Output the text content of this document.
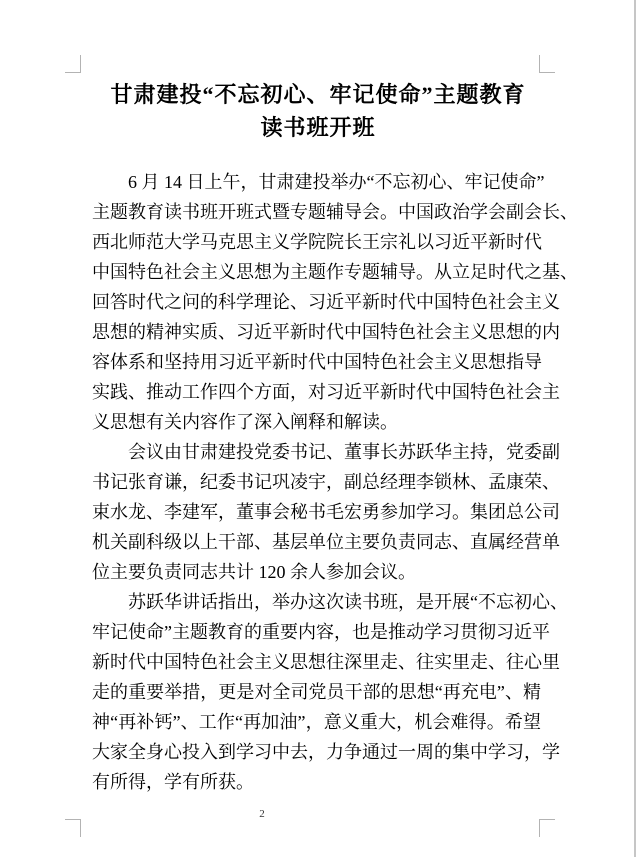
甘肃建投“不忘初心、牢记使命”主题教育
读书班开班
6 月 14 日上午，甘肃建投举办“不忘初心、牢记使命”
主题教育读书班开班式暨专题辅导会。中国政治学会副会长、
西北师范大学马克思主义学院院长王宗礼以习近平新时代
中国特色社会主义思想为主题作专题辅导。从立足时代之基、
回答时代之问的科学理论、习近平新时代中国特色社会主义
思想的精神实质、习近平新时代中国特色社会主义思想的内
容体系和坚持用习近平新时代中国特色社会主义思想指导
实践、推动工作四个方面，对习近平新时代中国特色社会主
义思想有关内容作了深入阐释和解读。
会议由甘肃建投党委书记、董事长苏跃华主持，党委副
书记张育谦，纪委书记巩凌宇，副总经理李锁林、孟康荣、
束水龙、李建军，董事会秘书毛宏勇参加学习。集团总公司
机关副科级以上干部、基层单位主要负责同志、直属经营单
位主要负责同志共计 120 余人参加会议。
苏跃华讲话指出，举办这次读书班，是开展“不忘初心、
牢记使命”主题教育的重要内容，也是推动学习贯彻习近平
新时代中国特色社会主义思想往深里走、往实里走、往心里
走的重要举措，更是对全司党员干部的思想“再充电”、精
神“再补钙”、工作“再加油”，意义重大，机会难得。希望
大家全身心投入到学习中去，力争通过一周的集中学习，学
有所得，学有所获。
2
